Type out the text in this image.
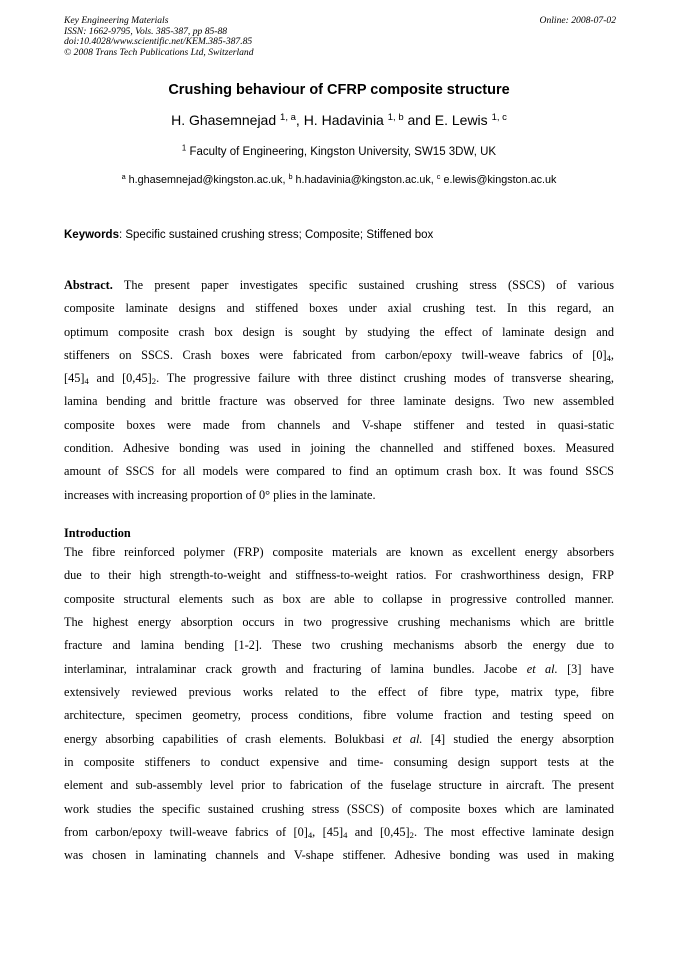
Key Engineering Materials
ISSN: 1662-9795, Vols. 385-387, pp 85-88
doi:10.4028/www.scientific.net/KEM.385-387.85
© 2008 Trans Tech Publications Ltd, Switzerland
Online: 2008-07-02
Crushing behaviour of CFRP composite structure
H. Ghasemnejad $^{1, a}$, H. Hadavinia $^{1, b}$ and E. Lewis $^{1, c}$
$^1$ Faculty of Engineering, Kingston University, SW15 3DW, UK
$^a$ h.ghasemnejad@kingston.ac.uk, $^b$ h.hadavinia@kingston.ac.uk, $^c$ e.lewis@kingston.ac.uk
Keywords: Specific sustained crushing stress; Composite; Stiffened box
Abstract. The present paper investigates specific sustained crushing stress (SSCS) of various
composite laminate designs and stiffened boxes under axial crushing test. In this regard, an
optimum composite crash box design is sought by studying the effect of laminate design and
stiffeners on SSCS. Crash boxes were fabricated from carbon/epoxy twill-weave fabrics of $[0]_4$,
$[45]_4$ and $[0,45]_2$. The progressive failure with three distinct crushing modes of transverse shearing,
lamina bending and brittle fracture was observed for three laminate designs. Two new assembled
composite boxes were made from channels and V-shape stiffener and tested in quasi-static
condition. Adhesive bonding was used in joining the channelled and stiffened boxes. Measured
amount of SSCS for all models were compared to find an optimum crash box. It was found SSCS
increases with increasing proportion of 0° plies in the laminate.
Introduction
The fibre reinforced polymer (FRP) composite materials are known as excellent energy absorbers
due to their high strength-to-weight and stiffness-to-weight ratios. For crashworthiness design, FRP
composite structural elements such as box are able to collapse in progressive controlled manner.
The highest energy absorption occurs in two progressive crushing mechanisms which are brittle
fracture and lamina bending [1-2]. These two crushing mechanisms absorb the energy due to
interlaminar, intralaminar crack growth and fracturing of lamina bundles. Jacobe et al. [3] have
extensively reviewed previous works related to the effect of fibre type, matrix type, fibre
architecture, specimen geometry, process conditions, fibre volume fraction and testing speed on
energy absorbing capabilities of crash elements. Bolukbasi et al. [4] studied the energy absorption
in composite stiffeners to conduct expensive and time- consuming design support tests at the
element and sub-assembly level prior to fabrication of the fuselage structure in aircraft. The present
work studies the specific sustained crushing stress (SSCS) of composite boxes which are laminated
from carbon/epoxy twill-weave fabrics of $[0]_4$, $[45]_4$ and $[0,45]_2$. The most effective laminate design
was chosen in laminating channels and V-shape stiffener. Adhesive bonding was used in making
